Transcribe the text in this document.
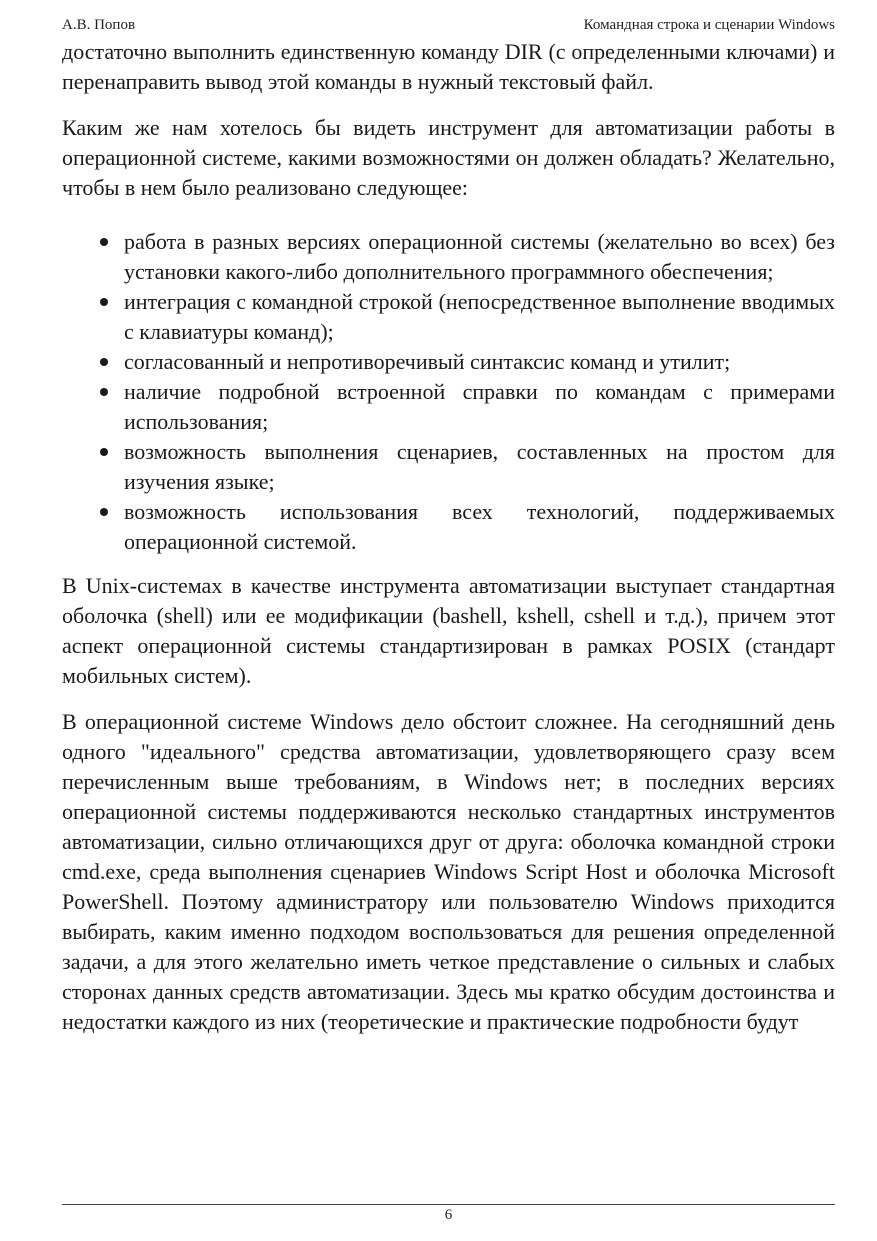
А.В. Попов	Командная строка и сценарии Windows

достаточно выполнить единственную команду DIR (с определенными ключами) и перенаправить вывод этой команды в нужный текстовый файл.

Каким же нам хотелось бы видеть инструмент для автоматизации работы в операционной системе, какими возможностями он должен обладать? Желательно, чтобы в нем было реализовано следующее:

работа в разных версиях операционной системы (желательно во всех) без установки какого-либо дополнительного программного обеспечения;
интеграция с командной строкой (непосредственное выполнение вводимых с клавиатуры команд);
согласованный и непротиворечивый синтаксис команд и утилит;
наличие подробной встроенной справки по командам с примерами использования;
возможность выполнения сценариев, составленных на простом для изучения языке;
возможность использования всех технологий, поддерживаемых операционной системой.

В Unix-системах в качестве инструмента автоматизации выступает стандартная оболочка (shell) или ее модификации (bashell, kshell, cshell и т.д.), причем этот аспект операционной системы стандартизирован в рамках POSIX (стандарт мобильных систем).

В операционной системе Windows дело обстоит сложнее. На сегодняшний день одного "идеального" средства автоматизации, удовлетворяющего сразу всем перечисленным выше требованиям, в Windows нет; в последних версиях операционной системы поддерживаются несколько стандартных инструментов автоматизации, сильно отличающихся друг от друга: оболочка командной строки cmd.exe, среда выполнения сценариев Windows Script Host и оболочка Microsoft PowerShell. Поэтому администратору или пользователю Windows приходится выбирать, каким именно подходом воспользоваться для решения определенной задачи, а для этого желательно иметь четкое представление о сильных и слабых сторонах данных средств автоматизации. Здесь мы кратко обсудим достоинства и недостатки каждого из них (теоретические и практические подробности будут

6
